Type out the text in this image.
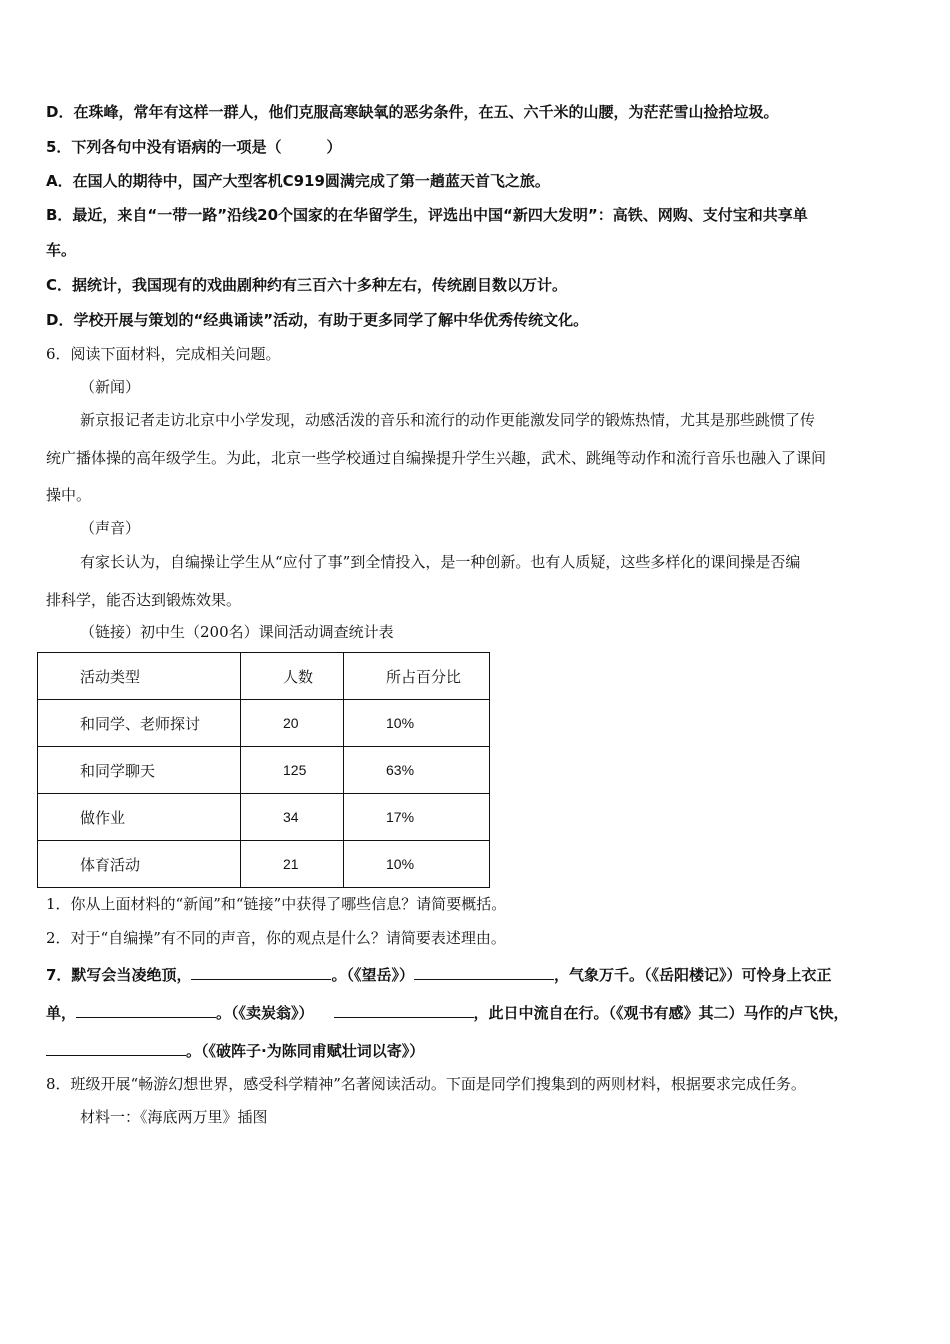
D．在珠峰，常年有这样一群人，他们克服高寒缺氧的恶劣条件，在五、六千米的山腰，为茫茫雪山捡拾垃圾。
5．下列各句中没有语病的一项是（　　　）
A．在国人的期待中，国产大型客机C919圆满完成了第一趟蓝天首飞之旅。
B．最近，来自“一带一路”沿线20个国家的在华留学生，评选出中国“新四大发明”：高铁、网购、支付宝和共享单
车。
C．据统计，我国现有的戏曲剧种约有三百六十多种左右，传统剧目数以万计。
D．学校开展与策划的“经典诵读”活动，有助于更多同学了解中华优秀传统文化。
6．阅读下面材料，完成相关问题。
（新闻）
新京报记者走访北京中小学发现，动感活泼的音乐和流行的动作更能激发同学的锻炼热情，尤其是那些跳惯了传
统广播体操的高年级学生。为此，北京一些学校通过自编操提升学生兴趣，武术、跳绳等动作和流行音乐也融入了课间
操中。
（声音）
有家长认为，自编操让学生从“应付了事”到全情投入，是一种创新。也有人质疑，这些多样化的课间操是否编
排科学，能否达到锻炼效果。
（链接）初中生（200名）课间活动调查统计表
活动类型	人数	所占百分比
和同学、老师探讨	20	10%
和同学聊天	125	63%
做作业	34	17%
体育活动	21	10%
1．你从上面材料的“新闻”和“链接”中获得了哪些信息？请简要概括。
2．对于“自编操”有不同的声音，你的观点是什么？请简要表述理由。
7．默写会当凌绝顶，	。（《望岳》）	，气象万千。（《岳阳楼记》）可怜身上衣正
单，	。（《卖炭翁》）	，此日中流自在行。（《观书有感》其二）马作的卢飞快，
。（《破阵子·为陈同甫赋壮词以寄》）
8．班级开展“畅游幻想世界，感受科学精神”名著阅读活动。下面是同学们搜集到的两则材料，根据要求完成任务。
材料一：《海底两万里》插图
